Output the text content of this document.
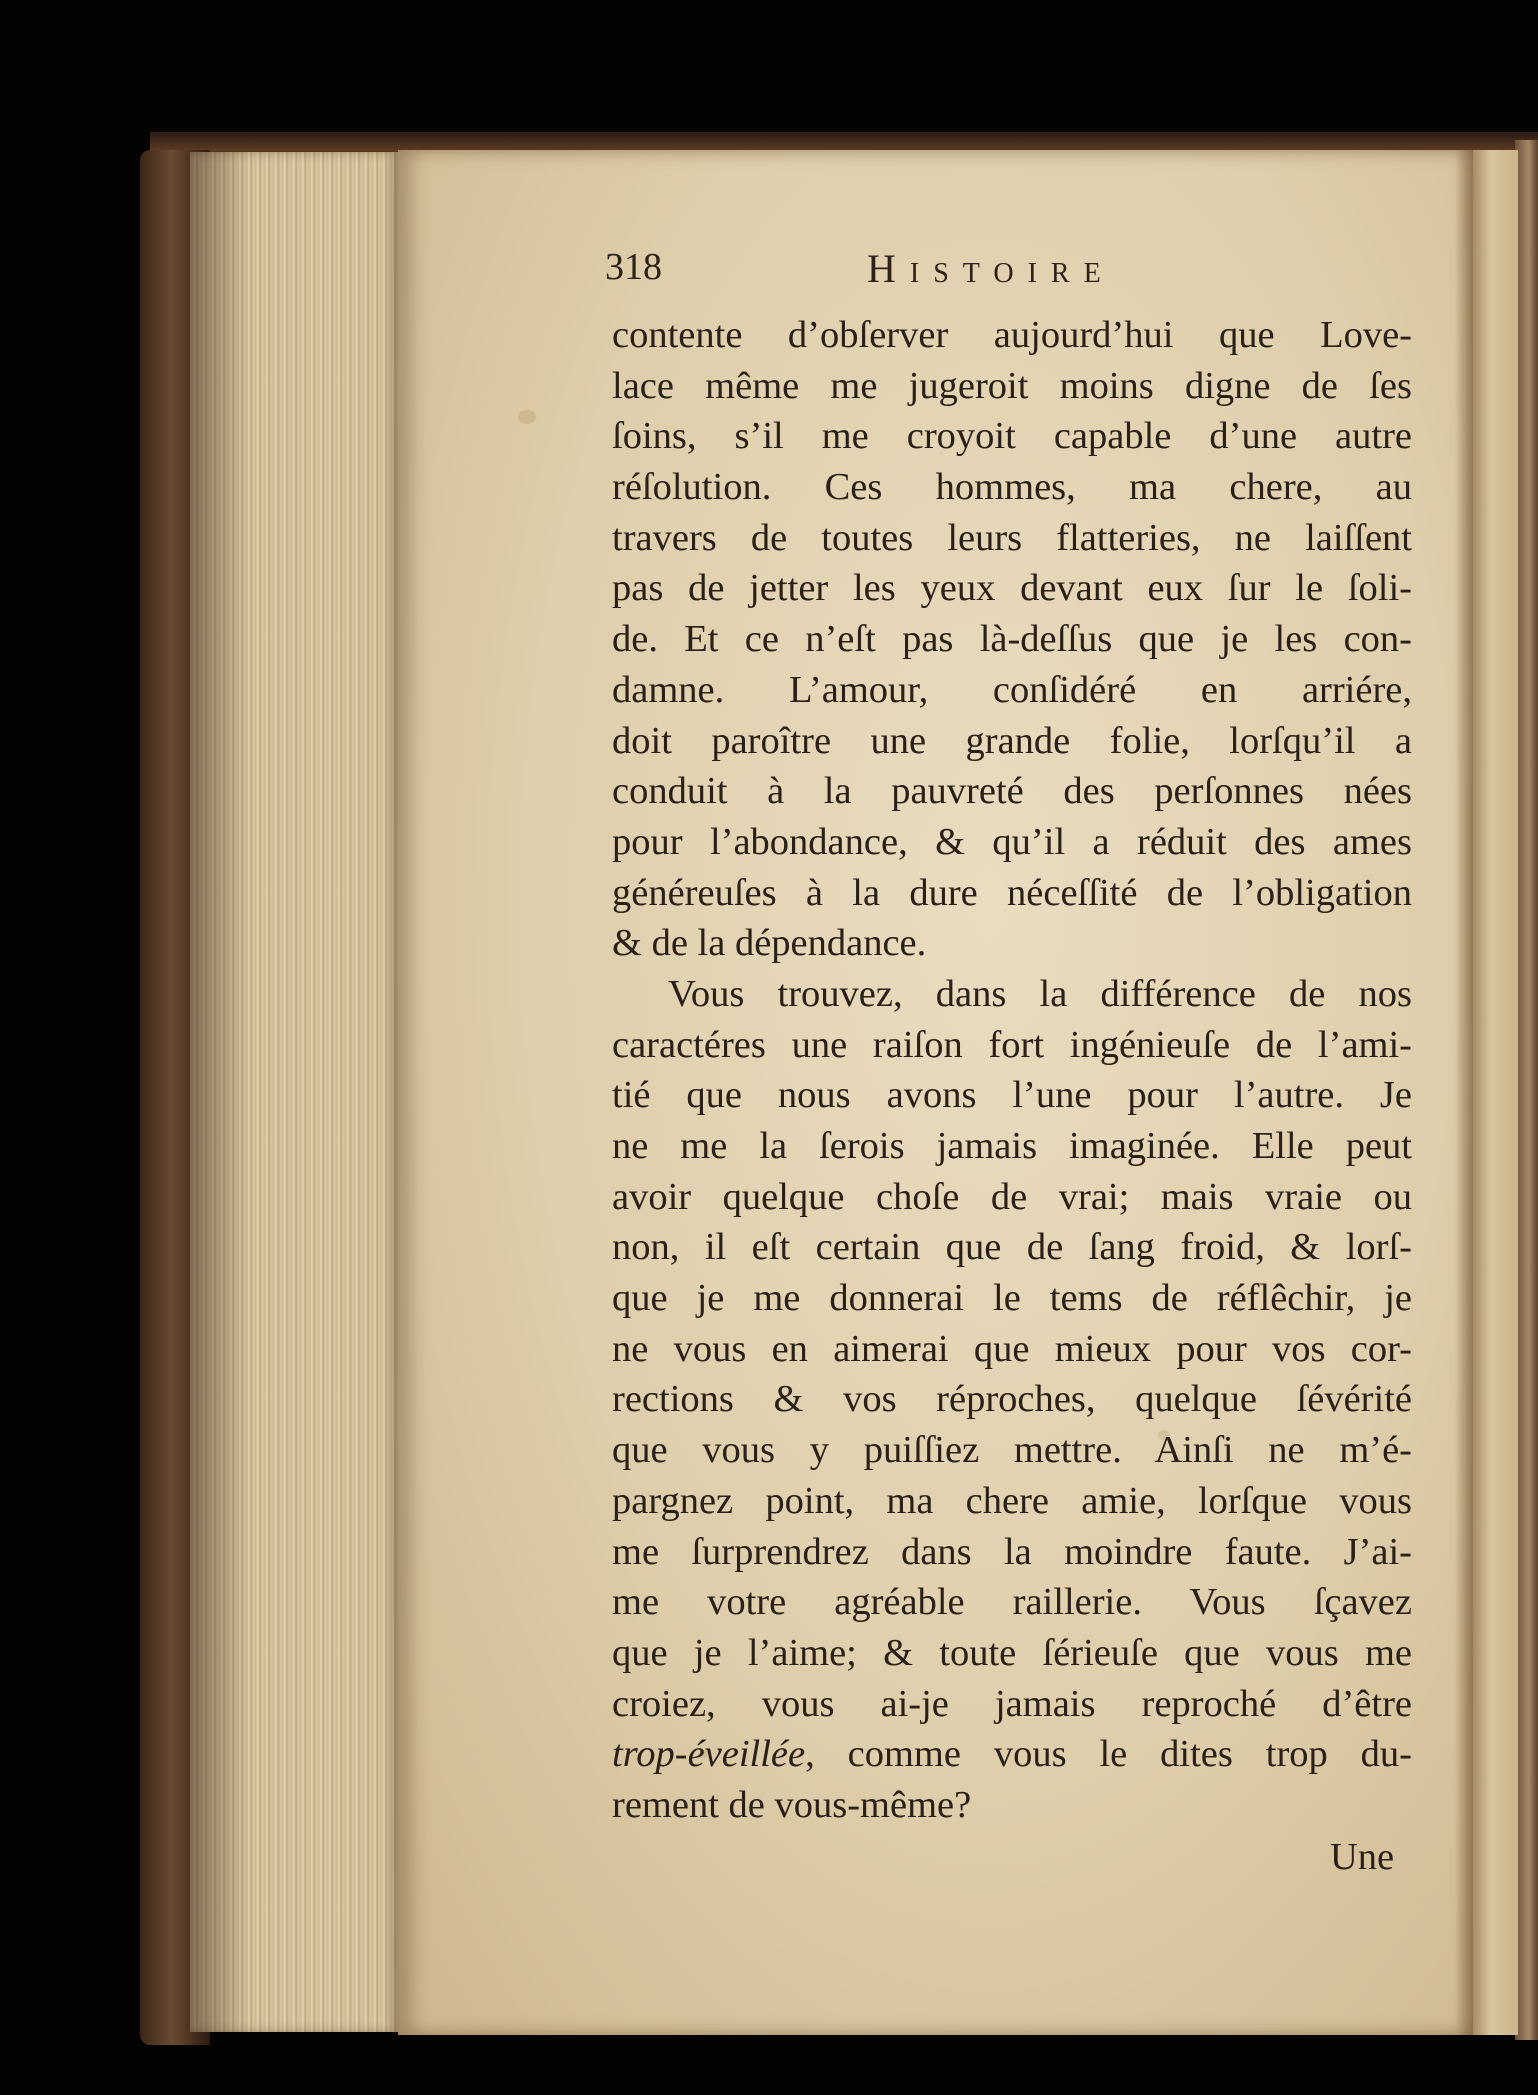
318	Histoire
contente d’obſerver aujourd’hui que Love-
lace même me jugeroit moins digne de ſes
ſoins, s’il me croyoit capable d’une autre
réſolution. Ces hommes, ma chere, au
travers de toutes leurs flatteries, ne laiſſent
pas de jetter les yeux devant eux ſur le ſoli-
de. Et ce n’eſt pas là-deſſus que je les con-
damne. L’amour, conſidéré en arriére,
doit paroître une grande folie, lorſqu’il a
conduit à la pauvreté des perſonnes nées
pour l’abondance, & qu’il a réduit des ames
généreuſes à la dure néceſſité de l’obligation
& de la dépendance.
Vous trouvez, dans la différence de nos
caractéres une raiſon fort ingénieuſe de l’ami-
tié que nous avons l’une pour l’autre. Je
ne me la ſerois jamais imaginée. Elle peut
avoir quelque choſe de vrai; mais vraie ou
non, il eſt certain que de ſang froid, & lorſ-
que je me donnerai le tems de réflêchir, je
ne vous en aimerai que mieux pour vos cor-
rections & vos réproches, quelque ſévérité
que vous y puiſſiez mettre. Ainſi ne m’é-
pargnez point, ma chere amie, lorſque vous
me ſurprendrez dans la moindre faute. J’ai-
me votre agréable raillerie. Vous ſçavez
que je l’aime; & toute ſérieuſe que vous me
croiez, vous ai-je jamais reproché d’être
trop-éveillée, comme vous le dites trop du-
rement de vous-même?
Une
